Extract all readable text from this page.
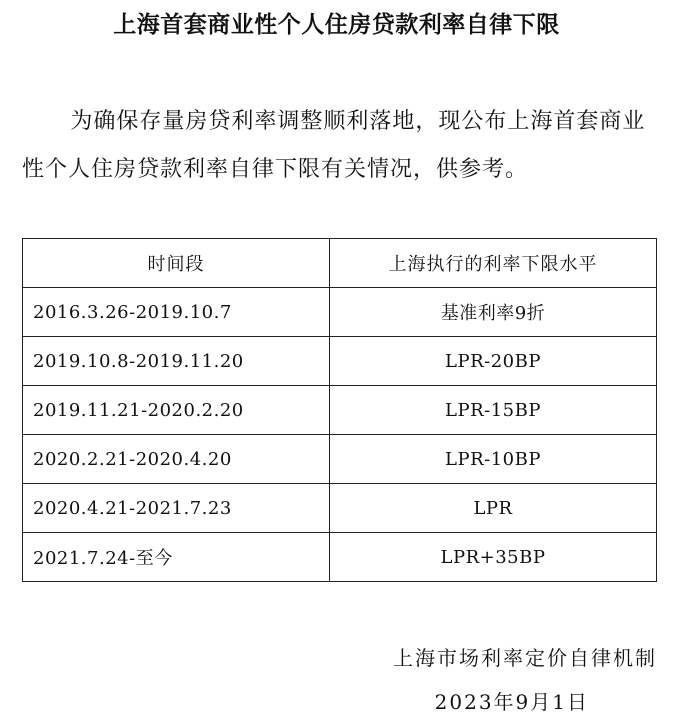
上海首套商业性个人住房贷款利率自律下限

为确保存量房贷利率调整顺利落地，现公布上海首套商业性个人住房贷款利率自律下限有关情况，供参考。

时间段	上海执行的利率下限水平
2016.3.26-2019.10.7	基准利率9折
2019.10.8-2019.11.20	LPR-20BP
2019.11.21-2020.2.20	LPR-15BP
2020.2.21-2020.4.20	LPR-10BP
2020.4.21-2021.7.23	LPR
2021.7.24-至今	LPR+35BP
上海市场利率定价自律机制
2023年9月1日
